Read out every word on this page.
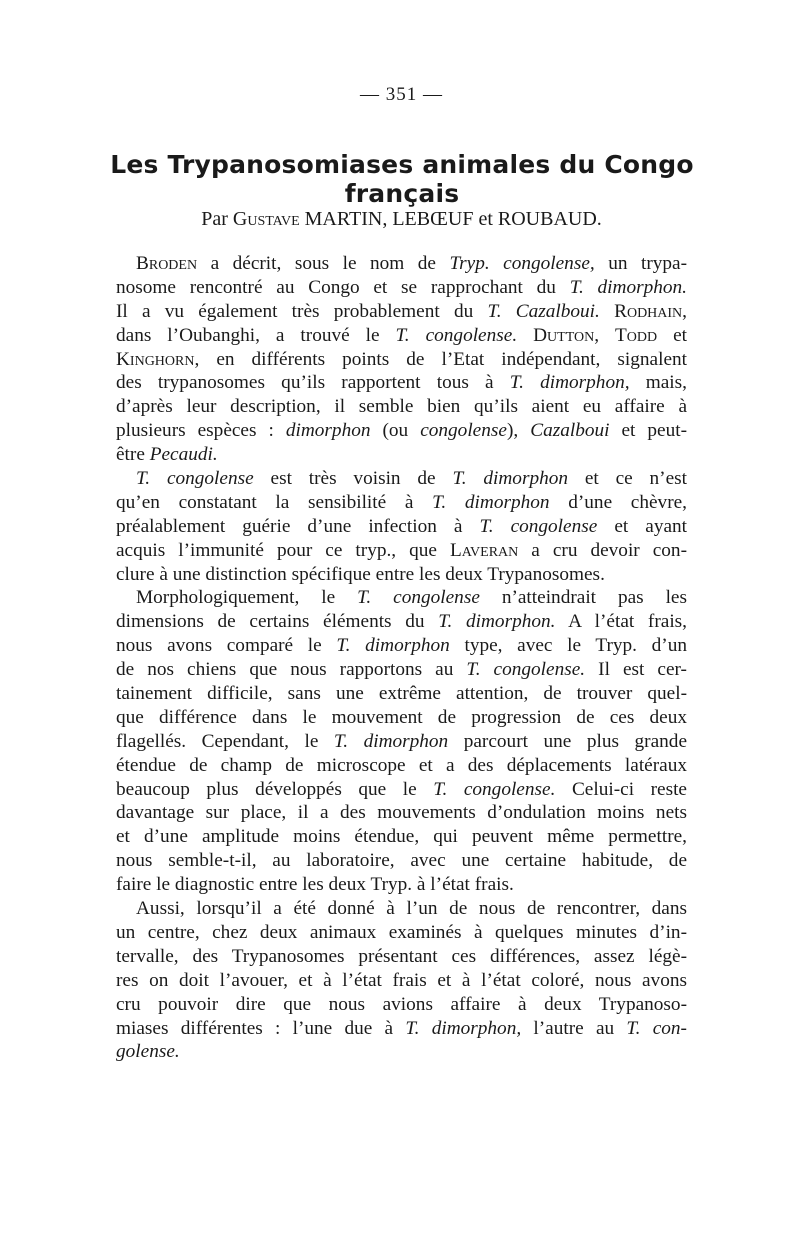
— 351 —
Les Trypanosomiases animales du Congo français
Par Gustave MARTIN, LEBŒUF et ROUBAUD.
Broden a décrit, sous le nom de Tryp. congolense, un trypa-
nosome rencontré au Congo et se rapprochant du T. dimorphon.
Il a vu également très probablement du T. Cazalboui. Rodhain,
dans l’Oubanghi, a trouvé le T. congolense. Dutton, Todd et
Kinghorn, en différents points de l’Etat indépendant, signalent
des trypanosomes qu’ils rapportent tous à T. dimorphon, mais,
d’après leur description, il semble bien qu’ils aient eu affaire à
plusieurs espèces : dimorphon (ou congolense), Cazalboui et peut-
être Pecaudi.
T. congolense est très voisin de T. dimorphon et ce n’est
qu’en constatant la sensibilité à T. dimorphon d’une chèvre,
préalablement guérie d’une infection à T. congolense et ayant
acquis l’immunité pour ce tryp., que Laveran a cru devoir con-
clure à une distinction spécifique entre les deux Trypanosomes.
Morphologiquement, le T. congolense n’atteindrait pas les
dimensions de certains éléments du T. dimorphon. A l’état frais,
nous avons comparé le T. dimorphon type, avec le Tryp. d’un
de nos chiens que nous rapportons au T. congolense. Il est cer-
tainement difficile, sans une extrême attention, de trouver quel-
que différence dans le mouvement de progression de ces deux
flagellés. Cependant, le T. dimorphon parcourt une plus grande
étendue de champ de microscope et a des déplacements latéraux
beaucoup plus développés que le T. congolense. Celui-ci reste
davantage sur place, il a des mouvements d’ondulation moins nets
et d’une amplitude moins étendue, qui peuvent même permettre,
nous semble-t-il, au laboratoire, avec une certaine habitude, de
faire le diagnostic entre les deux Tryp. à l’état frais.
Aussi, lorsqu’il a été donné à l’un de nous de rencontrer, dans
un centre, chez deux animaux examinés à quelques minutes d’in-
tervalle, des Trypanosomes présentant ces différences, assez légè-
res on doit l’avouer, et à l’état frais et à l’état coloré, nous avons
cru pouvoir dire que nous avions affaire à deux Trypanoso-
miases différentes : l’une due à T. dimorphon, l’autre au T. con-
golense.
